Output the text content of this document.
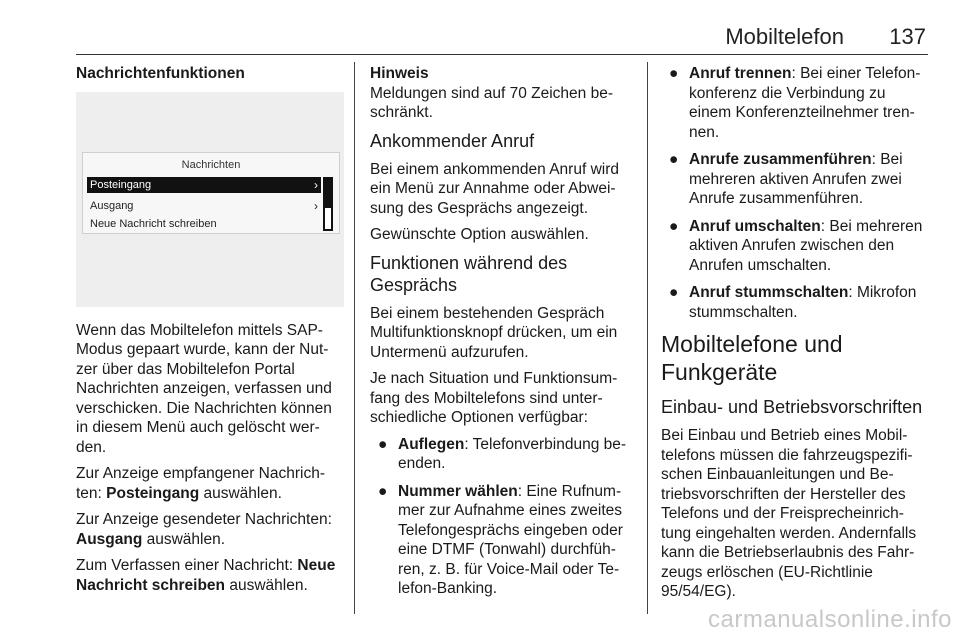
Mobiltelefon 137
Nachrichtenfunktionen
Nachrichten
Posteingang	›
Ausgang	›
Neue Nachricht schreiben

Wenn das Mobiltelefon mittels SAP-Modus gepaart wurde, kann der Nut-zer über das Mobiltelefon Portal Nachrichten anzeigen, verfassen und verschicken. Die Nachrichten können in diesem Menü auch gelöscht wer-den.

Zur Anzeige empfangener Nachrich-ten: Posteingang auswählen.

Zur Anzeige gesendeter Nachrichten: Ausgang auswählen.

Zum Verfassen einer Nachricht: Neue Nachricht schreiben auswählen.

Hinweis

Meldungen sind auf 70 Zeichen be-schränkt.

Ankommender Anruf

Bei einem ankommenden Anruf wird ein Menü zur Annahme oder Abwei-sung des Gesprächs angezeigt.

Gewünschte Option auswählen.

Funktionen während des Gesprächs

Bei einem bestehenden Gespräch Multifunktionsknopf drücken, um ein Untermenü aufzurufen.

Je nach Situation und Funktionsum-fang des Mobiltelefons sind unter-schiedliche Optionen verfügbar:

● Auflegen: Telefonverbindung be-enden.
● Nummer wählen: Eine Rufnum-mer zur Aufnahme eines zweites Telefongesprächs eingeben oder eine DTMF (Tonwahl) durchfüh-ren, z. B. für Voice-Mail oder Te-lefon-Banking.
● Anruf trennen: Bei einer Telefon-konferenz die Verbindung zu einem Konferenzteilnehmer tren-nen.
● Anrufe zusammenführen: Bei mehreren aktiven Anrufen zwei Anrufe zusammenführen.
● Anruf umschalten: Bei mehreren aktiven Anrufen zwischen den Anrufen umschalten.
● Anruf stummschalten: Mikrofon stummschalten.
Mobiltelefone und Funkgeräte
Einbau- und Betriebsvorschriften

Bei Einbau und Betrieb eines Mobil-telefons müssen die fahrzeugspezifi-schen Einbauanleitungen und Be-triebsvorschriften der Hersteller des Telefons und der Freisprecheinrich-tung eingehalten werden. Andernfalls kann die Betriebserlaubnis des Fahr-zeugs erlöschen (EU-Richtlinie 95/54/EG).

carmanualsonline.info
